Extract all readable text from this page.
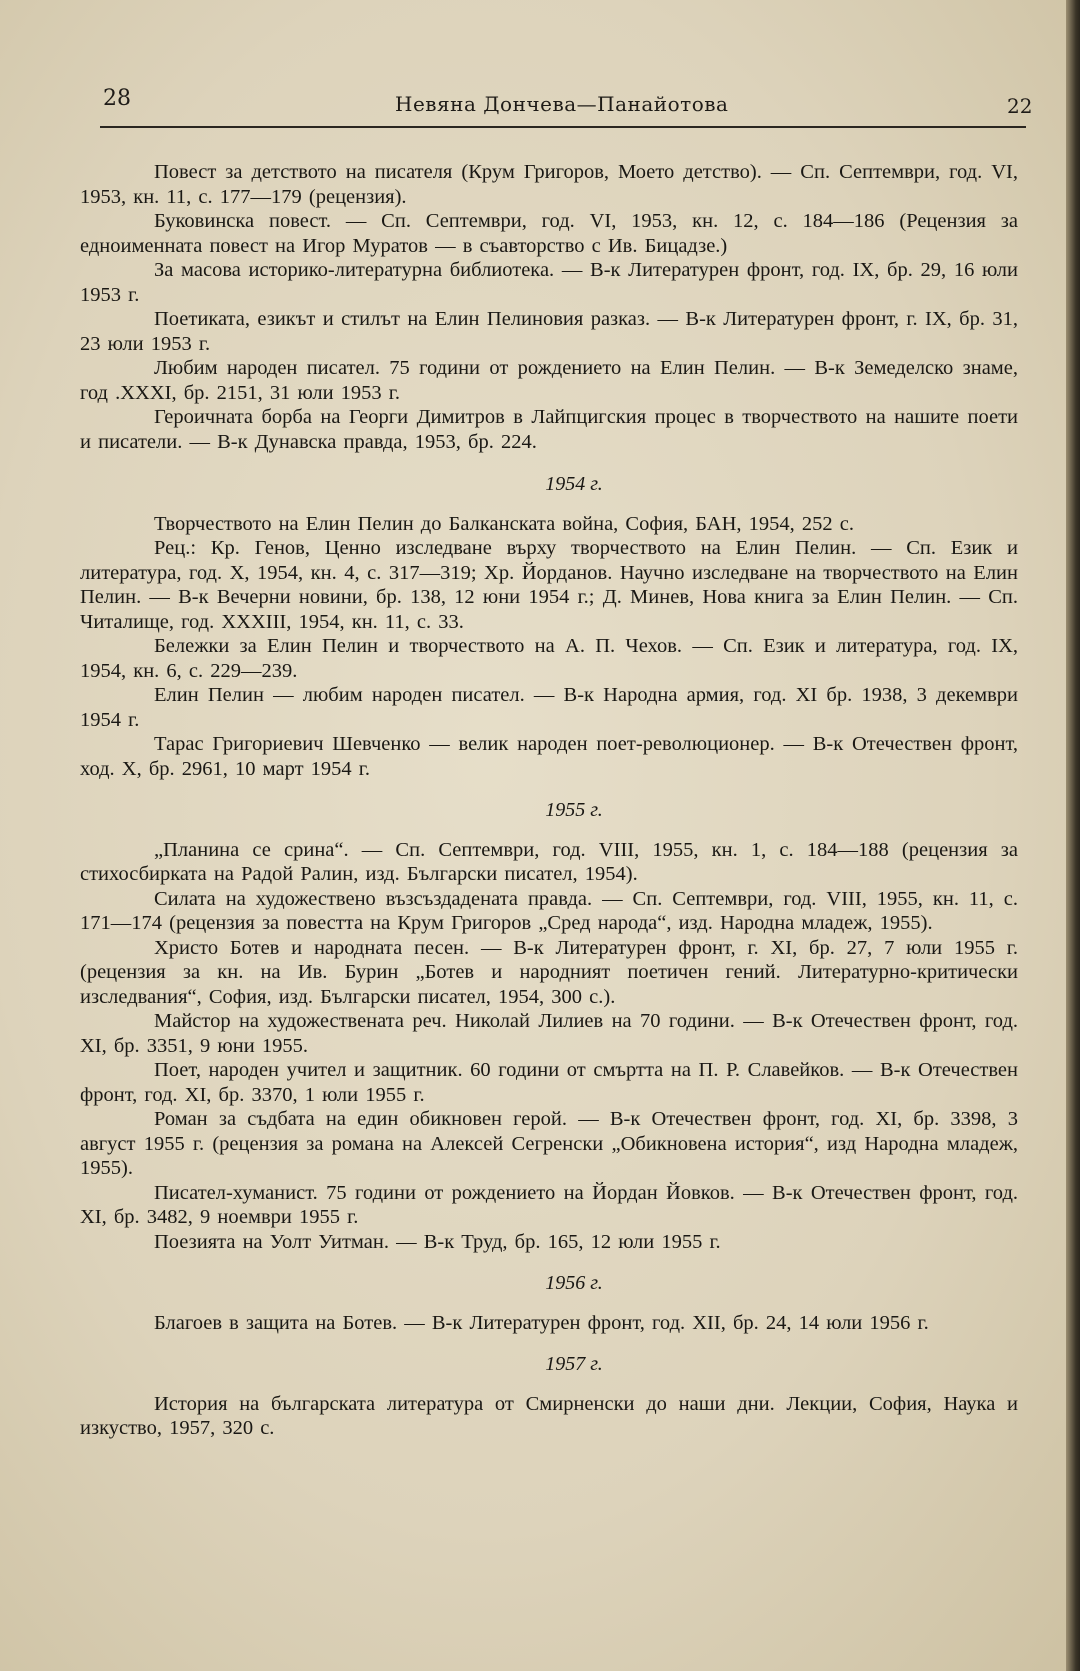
28	Невяна Дончева—Панайотова	22

Повест за детството на писателя (Крум Григоров, Моето детство). — Сп. Септември, год. VI, 1953, кн. 11, с. 177—179 (рецензия).

Буковинска повест. — Сп. Септември, год. VI, 1953, кн. 12, с. 184—186 (Рецензия за едноименната повест на Игор Муратов — в съавторство с Ив. Бицадзе.)

За масова историко-литературна библиотека. — В-к Литературен фронт, год. IX, бр. 29, 16 юли 1953 г.

Поетиката, езикът и стилът на Елин Пелиновия разказ. — В-к Литературен фронт, г. IX, бр. 31, 23 юли 1953 г.

Любим народен писател. 75 години от рождението на Елин Пелин. — В-к Земеделско знаме, год .XXXI, бр. 2151, 31 юли 1953 г.

Героичната борба на Георги Димитров в Лайпцигския процес в творчеството на нашите поети и писатели. — В-к Дунавска правда, 1953, бр. 224.

1954 г.

Творчеството на Елин Пелин до Балканската война, София, БАН, 1954, 252 с.

Рец.: Кр. Генов, Ценно изследване върху творчеството на Елин Пелин. — Сп. Език и литература, год. X, 1954, кн. 4, с. 317—319; Хр. Йорданов. Научно изследване на творчеството на Елин Пелин. — В-к Вечерни новини, бр. 138, 12 юни 1954 г.; Д. Минев, Нова книга за Елин Пелин. — Сп. Читалище, год. XXXIII, 1954, кн. 11, с. 33.

Бележки за Елин Пелин и творчеството на А. П. Чехов. — Сп. Език и литература, год. IX, 1954, кн. 6, с. 229—239.

Елин Пелин — любим народен писател. — В-к Народна армия, год. XI бр. 1938, 3 декември 1954 г.

Тарас Григориевич Шевченко — велик народен поет-революционер. — В-к Отечествен фронт, ход. X, бр. 2961, 10 март 1954 г.

1955 г.

„Планина се срина“. — Сп. Септември, год. VIII, 1955, кн. 1, с. 184—188 (рецензия за стихосбирката на Радой Ралин, изд. Български писател, 1954).

Силата на художествено възсъздадената правда. — Сп. Септември, год. VIII, 1955, кн. 11, с. 171—174 (рецензия за повестта на Крум Григоров „Сред народа“, изд. Народна младеж, 1955).

Христо Ботев и народната песен. — В-к Литературен фронт, г. XI, бр. 27, 7 юли 1955 г. (рецензия за кн. на Ив. Бурин „Ботев и народният поетичен гений. Литературно-критически изследвания“, София, изд. Български писател, 1954, 300 с.).

Майстор на художествената реч. Николай Лилиев на 70 години. — В-к Отечествен фронт, год. XI, бр. 3351, 9 юни 1955.

Поет, народен учител и защитник. 60 години от смъртта на П. Р. Славейков. — В-к Отечествен фронт, год. XI, бр. 3370, 1 юли 1955 г.

Роман за съдбата на един обикновен герой. — В-к Отечествен фронт, год. XI, бр. 3398, 3 август 1955 г. (рецензия за романа на Алексей Сегренски „Обикновена история“, изд Народна младеж, 1955).

Писател-хуманист. 75 години от рождението на Йордан Йовков. — В-к Отечествен фронт, год. XI, бр. 3482, 9 ноември 1955 г.

Поезията на Уолт Уитман. — В-к Труд, бр. 165, 12 юли 1955 г.

1956 г.

Благоев в защита на Ботев. — В-к Литературен фронт, год. XII, бр. 24, 14 юли 1956 г.

1957 г.

История на българската литература от Смирненски до наши дни. Лекции, София, Наука и изкуство, 1957, 320 с.
